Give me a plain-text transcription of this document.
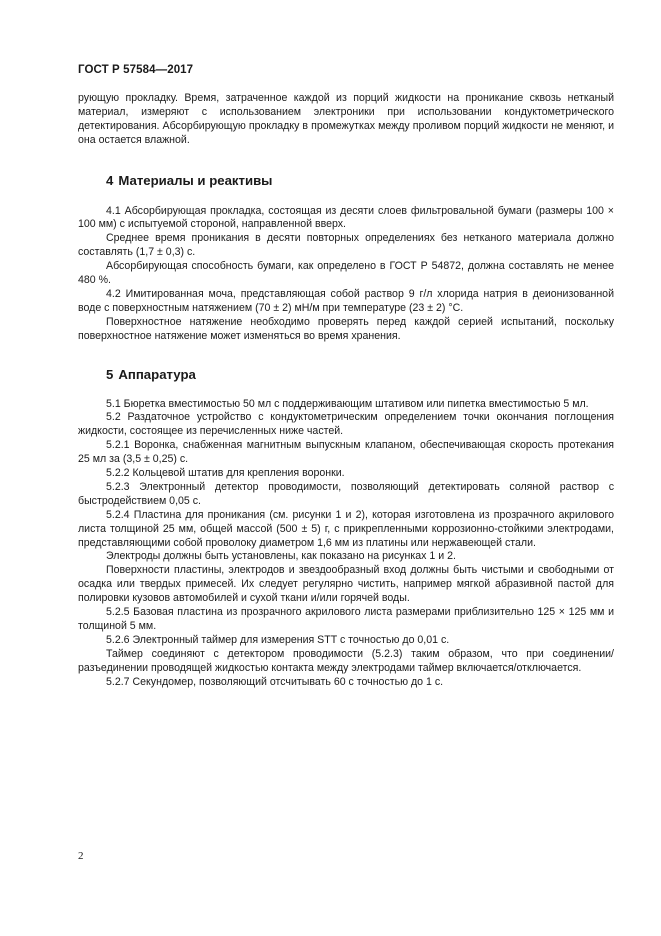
ГОСТ Р 57584—2017

рующую прокладку. Время, затраченное каждой из порций жидкости на проникание сквозь нетканый материал, измеряют с использованием электроники при использовании кондуктометрического детектирования. Абсорбирующую прокладку в промежутках между проливом порций жидкости не меняют, и она остается влажной.

4 Материалы и реактивы

4.1 Абсорбирующая прокладка, состоящая из десяти слоев фильтровальной бумаги (размеры 100 × 100 мм) с испытуемой стороной, направленной вверх.

Среднее время проникания в десяти повторных определениях без нетканого материала должно составлять (1,7 ± 0,3) с.

Абсорбирующая способность бумаги, как определено в ГОСТ Р 54872, должна составлять не менее 480 %.

4.2 Имитированная моча, представляющая собой раствор 9 г/л хлорида натрия в деионизованной воде с поверхностным натяжением (70 ± 2) мН/м при температуре (23 ± 2) °С.

Поверхностное натяжение необходимо проверять перед каждой серией испытаний, поскольку поверхностное натяжение может изменяться во время хранения.

5 Аппаратура

5.1 Бюретка вместимостью 50 мл с поддерживающим штативом или пипетка вместимостью 5 мл.

5.2 Раздаточное устройство с кондуктометрическим определением точки окончания поглощения жидкости, состоящее из перечисленных ниже частей.

5.2.1 Воронка, снабженная магнитным выпускным клапаном, обеспечивающая скорость протекания 25 мл за (3,5 ± 0,25) с.

5.2.2 Кольцевой штатив для крепления воронки.

5.2.3 Электронный детектор проводимости, позволяющий детектировать соляной раствор с быстродействием 0,05 с.

5.2.4 Пластина для проникания (см. рисунки 1 и 2), которая изготовлена из прозрачного акрилового листа толщиной 25 мм, общей массой (500 ± 5) г, с прикрепленными коррозионно-стойкими электродами, представляющими собой проволоку диаметром 1,6 мм из платины или нержавеющей стали.

Электроды должны быть установлены, как показано на рисунках 1 и 2.

Поверхности пластины, электродов и звездообразный вход должны быть чистыми и свободными от осадка или твердых примесей. Их следует регулярно чистить, например мягкой абразивной пастой для полировки кузовов автомобилей и сухой ткани и/или горячей воды.

5.2.5 Базовая пластина из прозрачного акрилового листа размерами приблизительно 125 × 125 мм и толщиной 5 мм.

5.2.6 Электронный таймер для измерения STT с точностью до 0,01 с.

Таймер соединяют с детектором проводимости (5.2.3) таким образом, что при соединении/разъединении проводящей жидкостью контакта между электродами таймер включается/отключается.

5.2.7 Секундомер, позволяющий отсчитывать 60 с точностью до 1 с.

2
